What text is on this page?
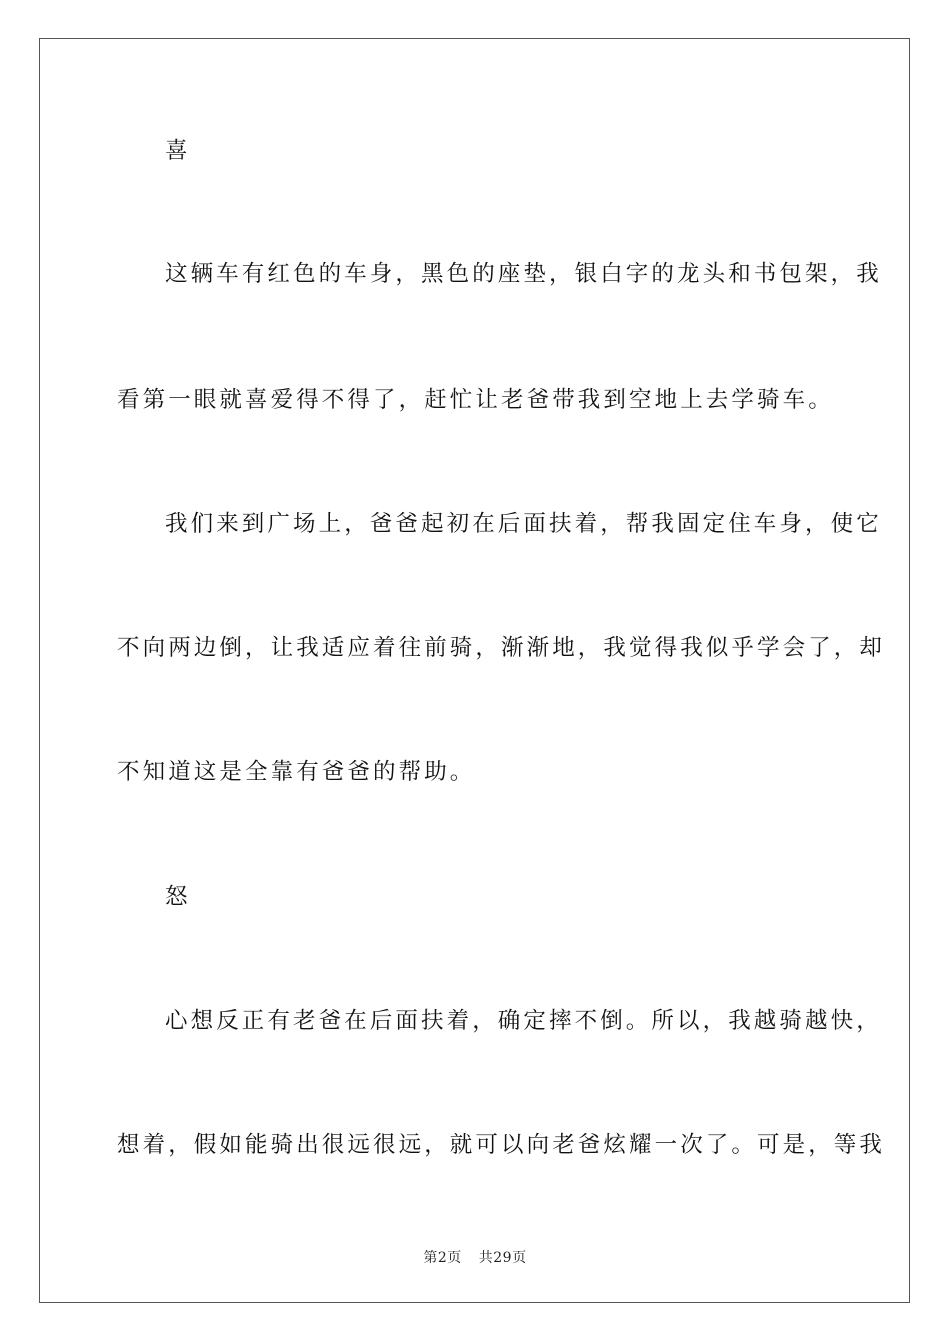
喜
这辆车有红色的车身，黑色的座垫，银白字的龙头和书包架，我
看第一眼就喜爱得不得了，赶忙让老爸带我到空地上去学骑车。
我们来到广场上，爸爸起初在后面扶着，帮我固定住车身，使它
不向两边倒，让我适应着往前骑，渐渐地，我觉得我似乎学会了，却
不知道这是全靠有爸爸的帮助。
怒
心想反正有老爸在后面扶着，确定摔不倒。所以，我越骑越快，
想着，假如能骑出很远很远，就可以向老爸炫耀一次了。可是，等我
第2页 共29页
